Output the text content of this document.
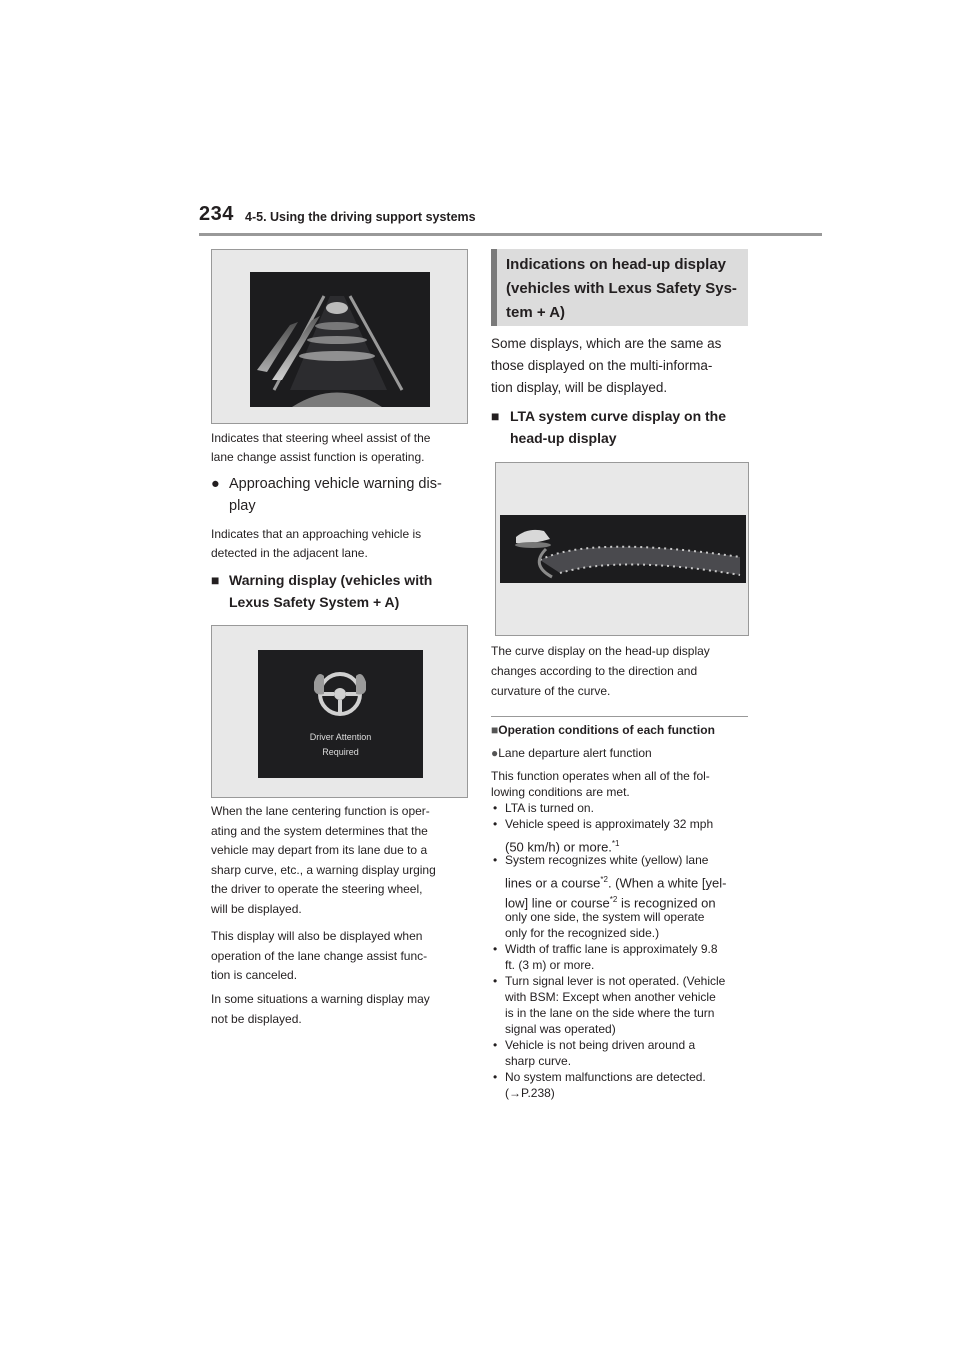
234 4-5. Using the driving support systems
Indicates that steering wheel assist of the
lane change assist function is operating.
● Approaching vehicle warning dis-
play
Indicates that an approaching vehicle is
detected in the adjacent lane.
■ Warning display (vehicles with
Lexus Safety System + A)
Driver Attention
Required
When the lane centering function is oper-
ating and the system determines that the
vehicle may depart from its lane due to a
sharp curve, etc., a warning display urging
the driver to operate the steering wheel,
will be displayed.
This display will also be displayed when
operation of the lane change assist func-
tion is canceled.
In some situations a warning display may
not be displayed.
Indications on head-up display
(vehicles with Lexus Safety Sys-
tem + A)
Some displays, which are the same as
those displayed on the multi-informa-
tion display, will be displayed.
■ LTA system curve display on the
head-up display
The curve display on the head-up display
changes according to the direction and
curvature of the curve.
■Operation conditions of each function
●Lane departure alert function
This function operates when all of the fol-
lowing conditions are met.
• LTA is turned on.
• Vehicle speed is approximately 32 mph
(50 km/h) or more.$^{*1}$
• System recognizes white (yellow) lane
lines or a course$^{*2}$. (When a white [yel-
low] line or course$^{*2}$ is recognized on
only one side, the system will operate
only for the recognized side.)
• Width of traffic lane is approximately 9.8
ft. (3 m) or more.
• Turn signal lever is not operated. (Vehicle
with BSM: Except when another vehicle
is in the lane on the side where the turn
signal was operated)
• Vehicle is not being driven around a
sharp curve.
• No system malfunctions are detected.
(→P.238)
